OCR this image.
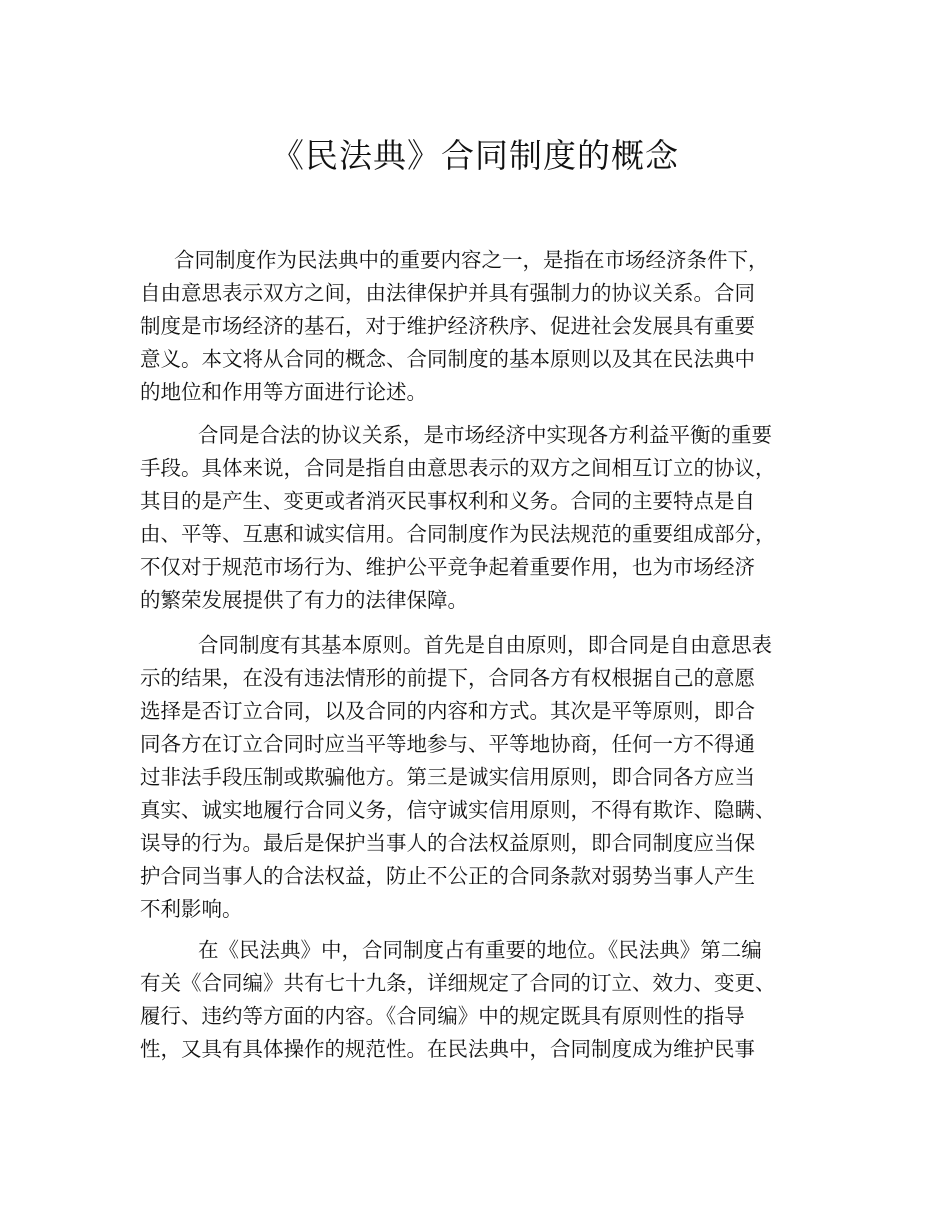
《民法典》合同制度的概念
合同制度作为民法典中的重要内容之一，是指在市场经济条件下，
自由意思表示双方之间，由法律保护并具有强制力的协议关系。合同
制度是市场经济的基石，对于维护经济秩序、促进社会发展具有重要
意义。本文将从合同的概念、合同制度的基本原则以及其在民法典中
的地位和作用等方面进行论述。
合同是合法的协议关系，是市场经济中实现各方利益平衡的重要
手段。具体来说，合同是指自由意思表示的双方之间相互订立的协议，
其目的是产生、变更或者消灭民事权利和义务。合同的主要特点是自
由、平等、互惠和诚实信用。合同制度作为民法规范的重要组成部分，
不仅对于规范市场行为、维护公平竞争起着重要作用，也为市场经济
的繁荣发展提供了有力的法律保障。
合同制度有其基本原则。首先是自由原则，即合同是自由意思表
示的结果，在没有违法情形的前提下，合同各方有权根据自己的意愿
选择是否订立合同，以及合同的内容和方式。其次是平等原则，即合
同各方在订立合同时应当平等地参与、平等地协商，任何一方不得通
过非法手段压制或欺骗他方。第三是诚实信用原则，即合同各方应当
真实、诚实地履行合同义务，信守诚实信用原则，不得有欺诈、隐瞒、
误导的行为。最后是保护当事人的合法权益原则，即合同制度应当保
护合同当事人的合法权益，防止不公正的合同条款对弱势当事人产生
不利影响。
在《民法典》中，合同制度占有重要的地位。《民法典》第二编
有关《合同编》共有七十九条，详细规定了合同的订立、效力、变更、
履行、违约等方面的内容。《合同编》中的规定既具有原则性的指导
性，又具有具体操作的规范性。在民法典中，合同制度成为维护民事
